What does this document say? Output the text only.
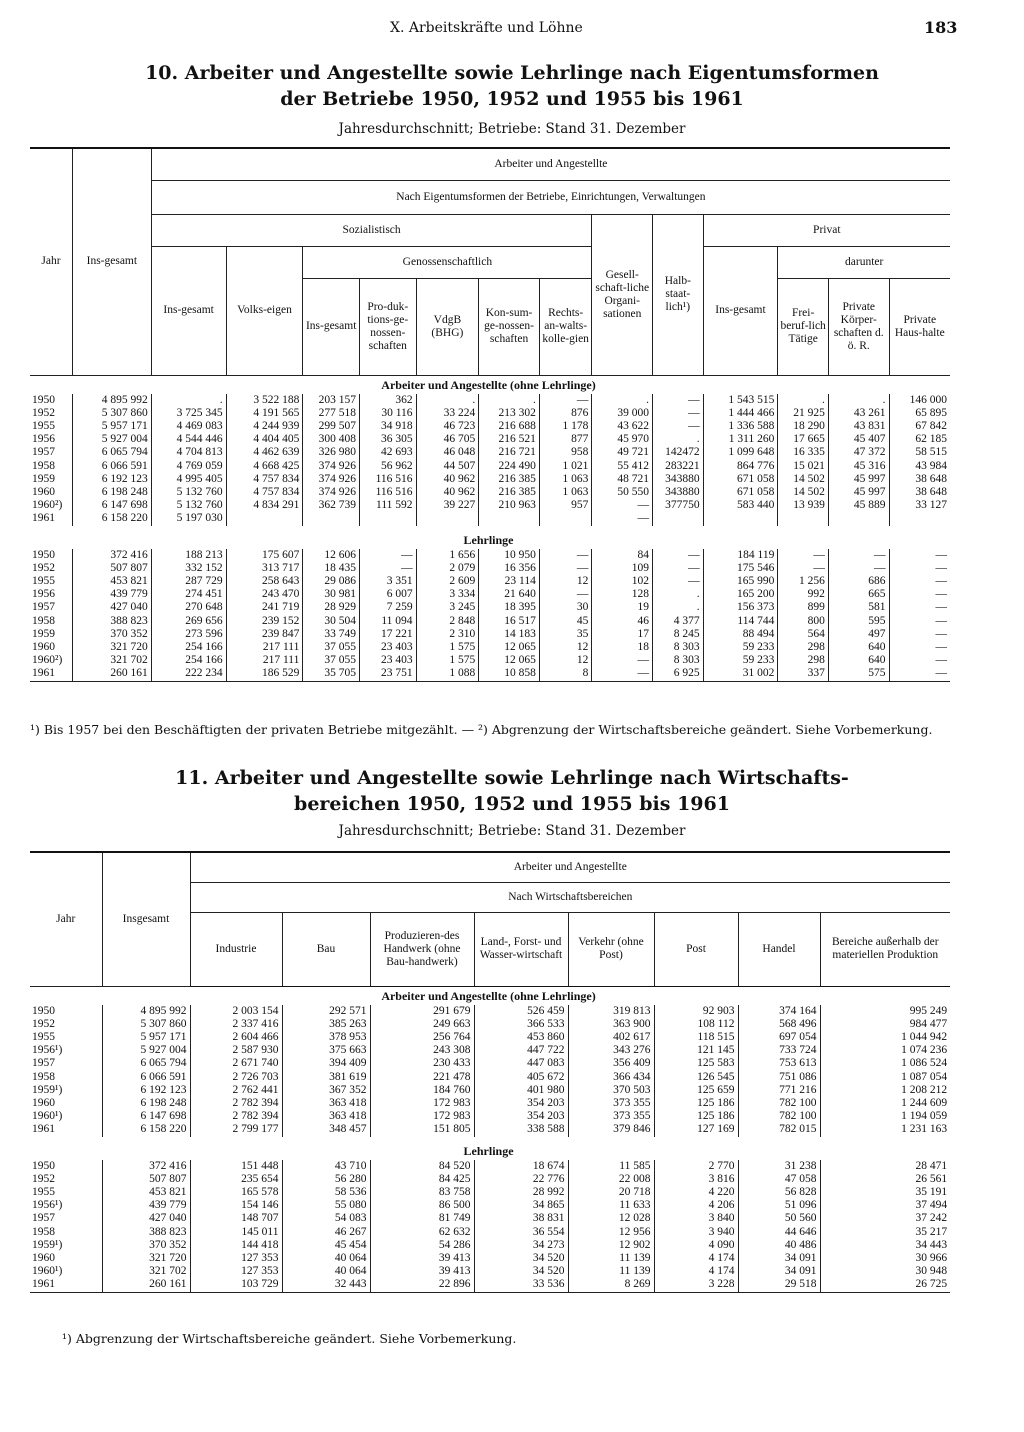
X. Arbeitskräfte und Löhne	183
10. Arbeiter und Angestellte sowie Lehrlinge nach Eigentumsformen
der Betriebe 1950, 1952 und 1955 bis 1961
Jahresdurchschnitt; Betriebe: Stand 31. Dezember
Jahr	Ins-gesamt	Arbeiter und Angestellte												
		Nach Eigentumsformen der Betriebe, Einrichtungen, Verwaltungen												
		Sozialistisch							Gesell-schaft-liche Organi-sationen	Halb-staat-lich¹)	Privat			
		Ins-gesamt	Volks-eigen	Genossenschaftlich							Ins-gesamt	darunter		
				Ins-gesamt	Pro-duk-tions-ge-nossen-schaften	VdgB (BHG)	Kon-sum-ge-nossen-schaften	Rechts-an-walts-kolle-gien				Frei-beruf-lich Tätige	Private Körper-schaften d. ö. R.	Private Haus-halte

Arbeiter und Angestellte (ohne Lehrlinge)														
1950	4 895 992	.	3 522 188	203 157	362	.	.	—	.	—	1 543 515	.	.	146 000
1952	5 307 860	3 725 345	4 191 565	277 518	30 116	33 224	213 302	876	39 000	—	1 444 466	21 925	43 261	65 895
1955	5 957 171	4 469 083	4 244 939	299 507	34 918	46 723	216 688	1 178	43 622	—	1 336 588	18 290	43 831	67 842
1956	5 927 004	4 544 446	4 404 405	300 408	36 305	46 705	216 521	877	45 970	.	1 311 260	17 665	45 407	62 185
1957	6 065 794	4 704 813	4 462 639	326 980	42 693	46 048	216 721	958	49 721	142472	1 099 648	16 335	47 372	58 515
1958	6 066 591	4 769 059	4 668 425	374 926	56 962	44 507	224 490	1 021	55 412	283221	864 776	15 021	45 316	43 984
1959	6 192 123	4 995 405	4 757 834	374 926	116 516	40 962	216 385	1 063	48 721	343880	671 058	14 502	45 997	38 648
1960	6 198 248	5 132 760	4 757 834	374 926	116 516	40 962	216 385	1 063	50 550	343880	671 058	14 502	45 997	38 648
1960²)	6 147 698	5 132 760	4 834 291	362 739	111 592	39 227	210 963	957	—	377750	583 440	13 939	45 889	33 127
1961	6 158 220	5 197 030							—					

Lehrlinge														
1950	372 416	188 213	175 607	12 606	—	1 656	10 950	—	84	—	184 119	—	—	—
1952	507 807	332 152	313 717	18 435	—	2 079	16 356	—	109	—	175 546	—	—	—
1955	453 821	287 729	258 643	29 086	3 351	2 609	23 114	12	102	—	165 990	1 256	686	—
1956	439 779	274 451	243 470	30 981	6 007	3 334	21 640	—	128	.	165 200	992	665	—
1957	427 040	270 648	241 719	28 929	7 259	3 245	18 395	30	19	.	156 373	899	581	—
1958	388 823	269 656	239 152	30 504	11 094	2 848	16 517	45	46	4 377	114 744	800	595	—
1959	370 352	273 596	239 847	33 749	17 221	2 310	14 183	35	17	8 245	88 494	564	497	—
1960	321 720	254 166	217 111	37 055	23 403	1 575	12 065	12	18	8 303	59 233	298	640	—
1960²)	321 702	254 166	217 111	37 055	23 403	1 575	12 065	12	—	8 303	59 233	298	640	—
1961	260 161	222 234	186 529	35 705	23 751	1 088	10 858	8	—	6 925	31 002	337	575	—
¹) Bis 1957 bei den Beschäftigten der privaten Betriebe mitgezählt. — ²) Abgrenzung der Wirtschaftsbereiche geändert. Siehe Vorbemerkung.
11. Arbeiter und Angestellte sowie Lehrlinge nach Wirtschafts-
bereichen 1950, 1952 und 1955 bis 1961
Jahresdurchschnitt; Betriebe: Stand 31. Dezember
Jahr	Insgesamt	Arbeiter und Angestellte							
		Nach Wirtschaftsbereichen							
		Industrie	Bau	Produzieren-des Handwerk (ohne Bau-handwerk)	Land-, Forst- und Wasser-wirtschaft	Verkehr (ohne Post)	Post	Handel	Bereiche außerhalb der materiellen Produktion
Arbeiter und Angestellte (ohne Lehrlinge)									
1950	4 895 992	2 003 154	292 571	291 679	526 459	319 813	92 903	374 164	995 249
1952	5 307 860	2 337 416	385 263	249 663	366 533	363 900	108 112	568 496	984 477
1955	5 957 171	2 604 466	378 953	256 764	453 860	402 617	118 515	697 054	1 044 942
1956¹)	5 927 004	2 587 930	375 663	243 308	447 722	343 276	121 145	733 724	1 074 236
1957	6 065 794	2 671 740	394 409	230 433	447 083	356 409	125 583	753 613	1 086 524
1958	6 066 591	2 726 703	381 619	221 478	405 672	366 434	126 545	751 086	1 087 054
1959¹)	6 192 123	2 762 441	367 352	184 760	401 980	370 503	125 659	771 216	1 208 212
1960	6 198 248	2 782 394	363 418	172 983	354 203	373 355	125 186	782 100	1 244 609
1960¹)	6 147 698	2 782 394	363 418	172 983	354 203	373 355	125 186	782 100	1 194 059
1961	6 158 220	2 799 177	348 457	151 805	338 588	379 846	127 169	782 015	1 231 163

Lehrlinge									
1950	372 416	151 448	43 710	84 520	18 674	11 585	2 770	31 238	28 471
1952	507 807	235 654	56 280	84 425	22 776	22 008	3 816	47 058	26 561
1955	453 821	165 578	58 536	83 758	28 992	20 718	4 220	56 828	35 191
1956¹)	439 779	154 146	55 080	86 500	34 865	11 633	4 206	51 096	37 494
1957	427 040	148 707	54 083	81 749	38 831	12 028	3 840	50 560	37 242
1958	388 823	145 011	46 267	62 632	36 554	12 956	3 940	44 646	35 217
1959¹)	370 352	144 418	45 454	54 286	34 273	12 902	4 090	40 486	34 443
1960	321 720	127 353	40 064	39 413	34 520	11 139	4 174	34 091	30 966
1960¹)	321 702	127 353	40 064	39 413	34 520	11 139	4 174	34 091	30 948
1961	260 161	103 729	32 443	22 896	33 536	8 269	3 228	29 518	26 725
¹) Abgrenzung der Wirtschaftsbereiche geändert. Siehe Vorbemerkung.
